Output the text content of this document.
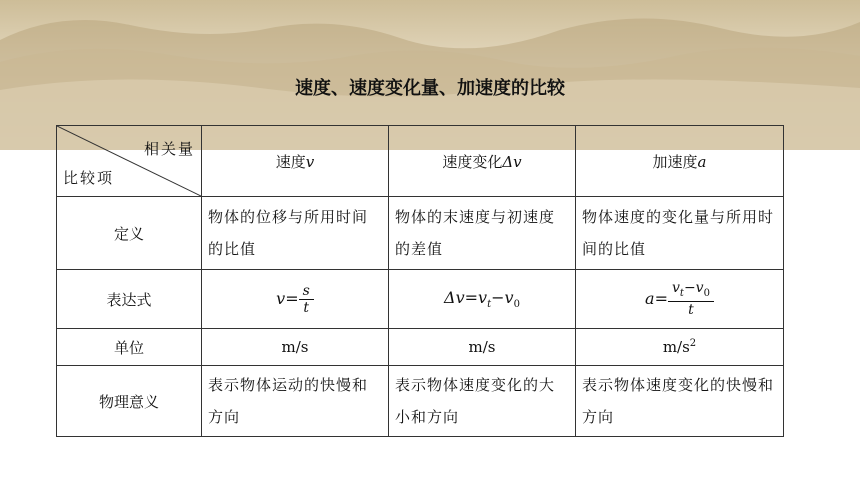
速度、速度变化量、加速度的比较
相关量
比较项	速度v	速度变化Δv	加速度a
定义	物体的位移与所用时间的比值	物体的末速度与初速度的差值	物体速度的变化量与所用时间的比值
表达式	$v= \frac{s}{t}$	$\Delta v=v_t-v_0$	$a= \frac{v_t-v_0}{t}$

单位	m/s	m/s	$m/s^2$
物理意义	表示物体运动的快慢和方向	表示物体速度变化的大小和方向	表示物体速度变化的快慢和方向
